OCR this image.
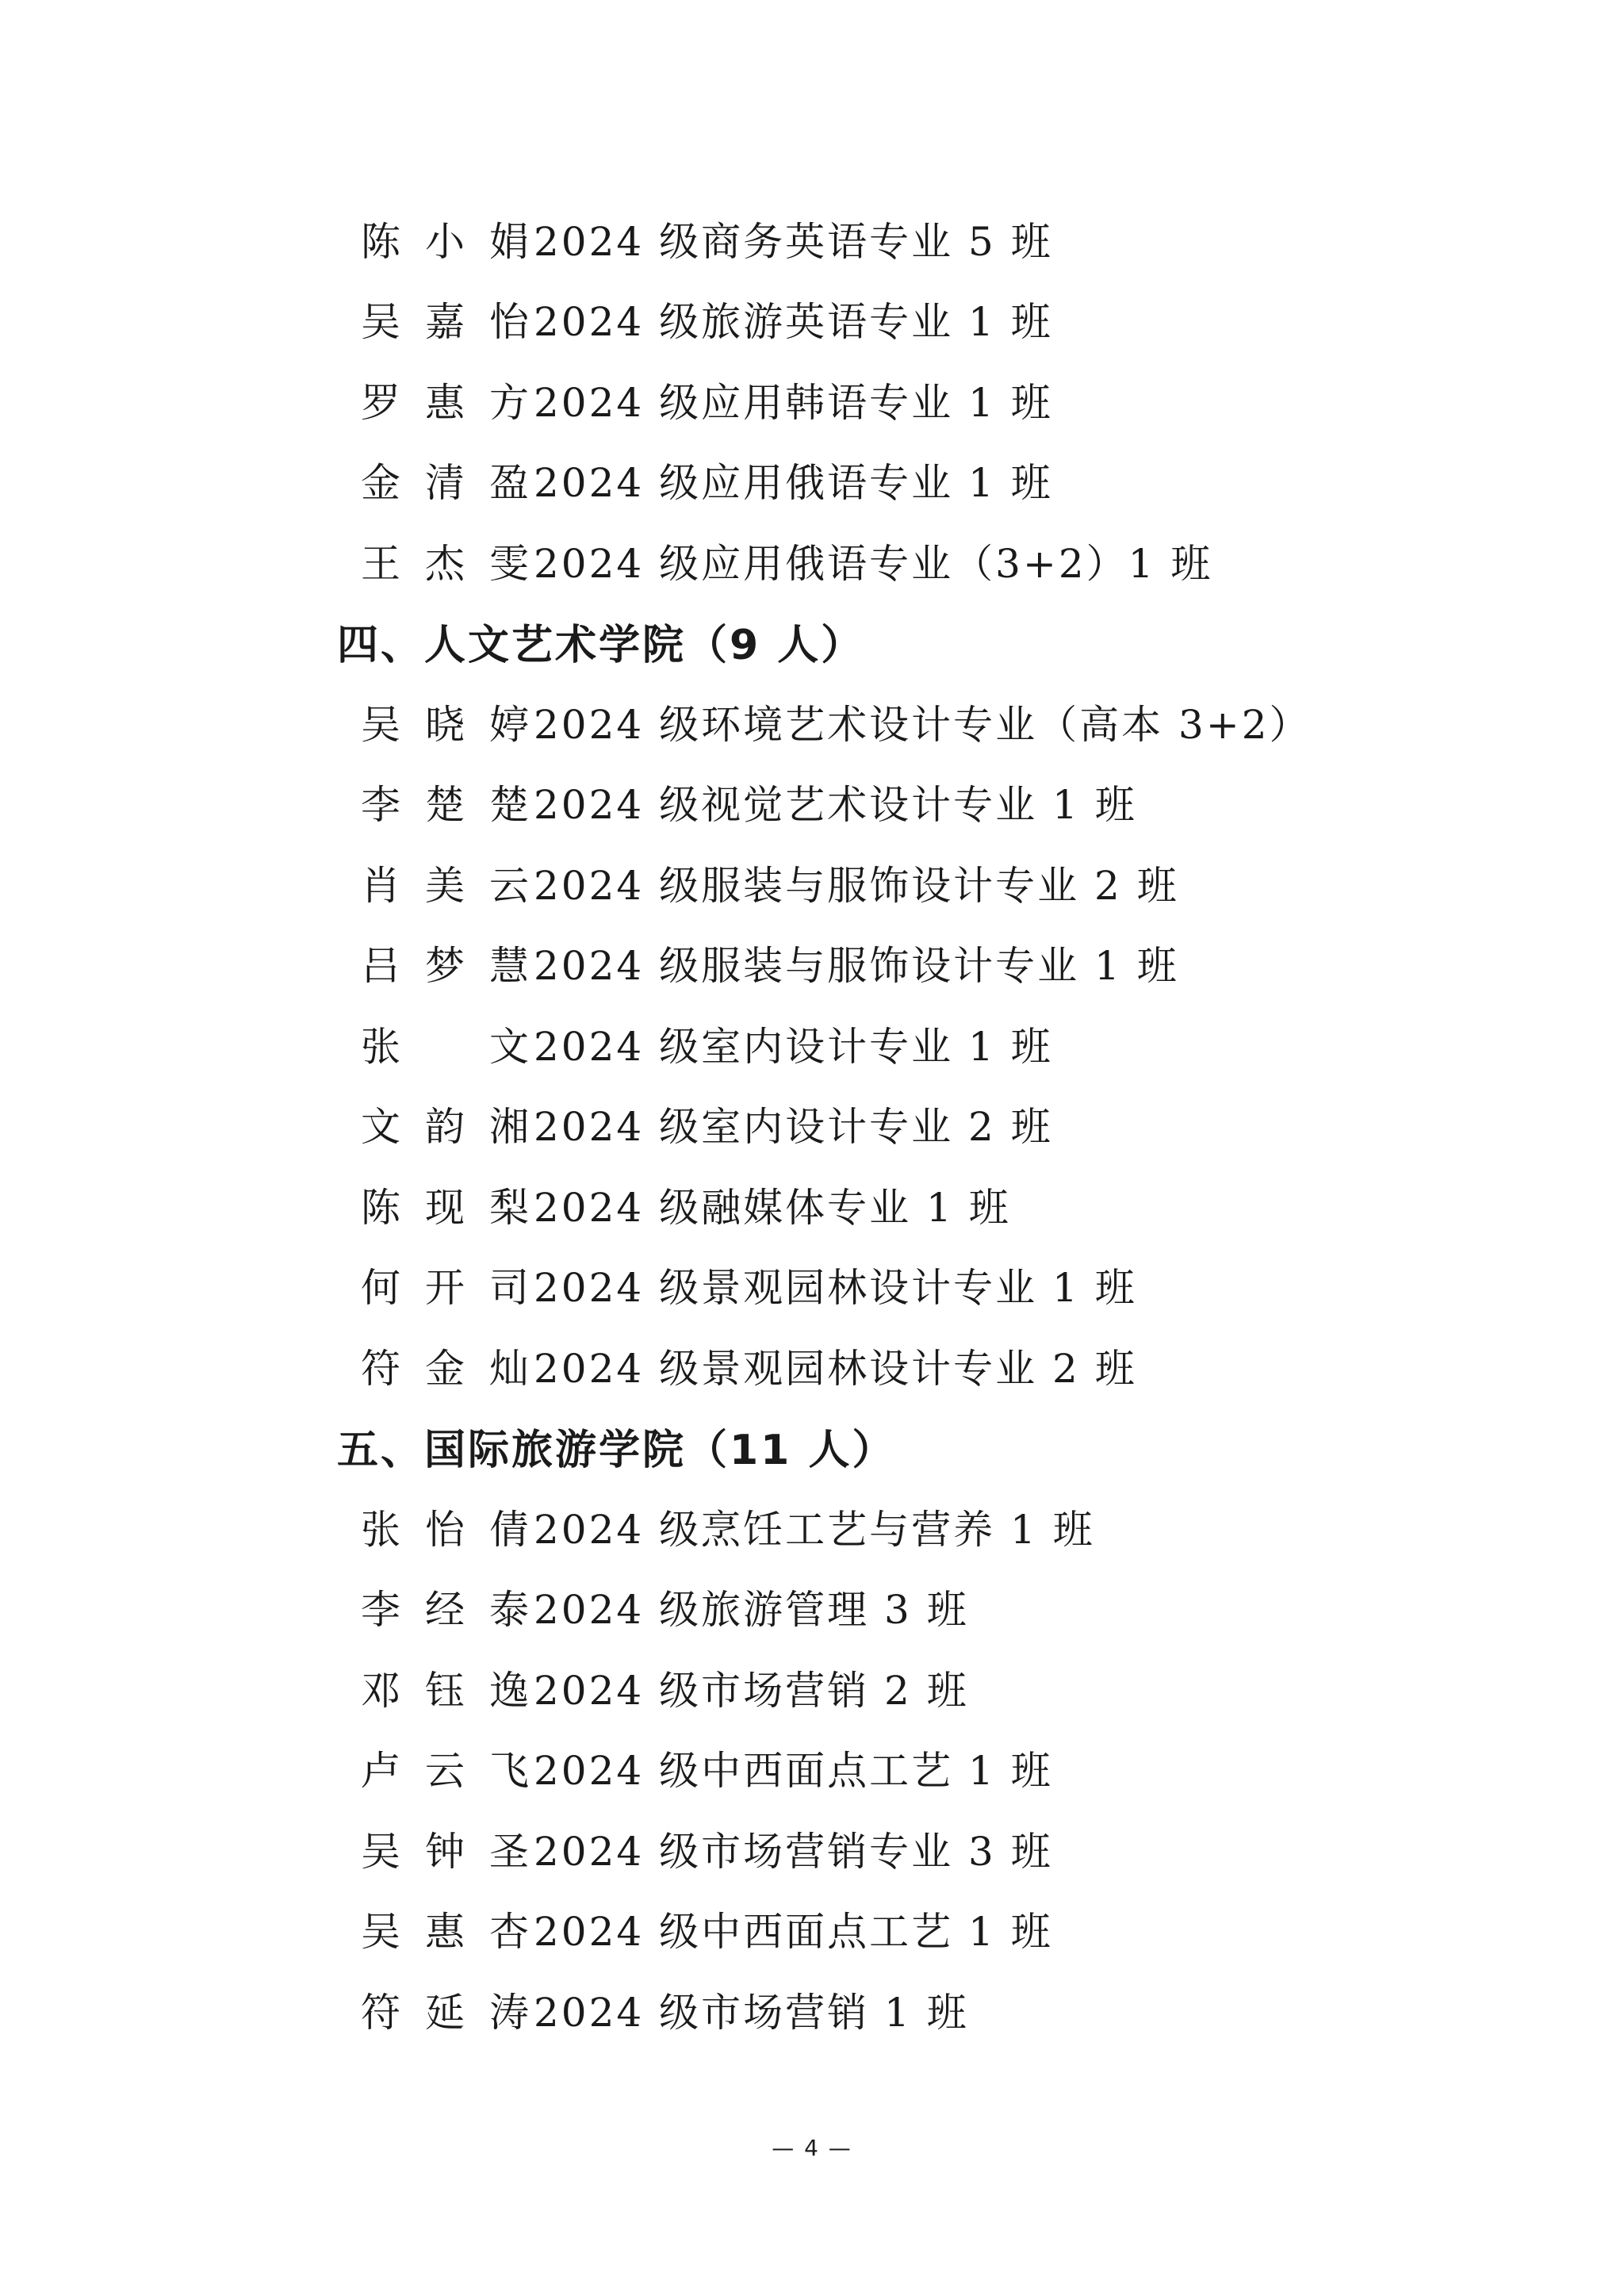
陈小娟 2024 级商务英语专业 5 班
吴嘉怡 2024 级旅游英语专业 1 班
罗惠方 2024 级应用韩语专业 1 班
金清盈 2024 级应用俄语专业 1 班
王杰雯 2024 级应用俄语专业（3+2）1 班
四、人文艺术学院（9 人）
吴晓婷 2024 级环境艺术设计专业（高本 3+2）
李楚楚 2024 级视觉艺术设计专业 1 班
肖美云 2024 级服装与服饰设计专业 2 班
吕梦慧 2024 级服装与服饰设计专业 1 班
张文 2024 级室内设计专业 1 班
文韵湘 2024 级室内设计专业 2 班
陈现梨 2024 级融媒体专业 1 班
何开司 2024 级景观园林设计专业 1 班
符金灿 2024 级景观园林设计专业 2 班
五、国际旅游学院（11 人）
张怡倩 2024 级烹饪工艺与营养 1 班
李经泰 2024 级旅游管理 3 班
邓钰逸 2024 级市场营销 2 班
卢云飞 2024 级中西面点工艺 1 班
吴钟圣 2024 级市场营销专业 3 班
吴惠杏 2024 级中西面点工艺 1 班
符延涛 2024 级市场营销 1 班
— 4 —
